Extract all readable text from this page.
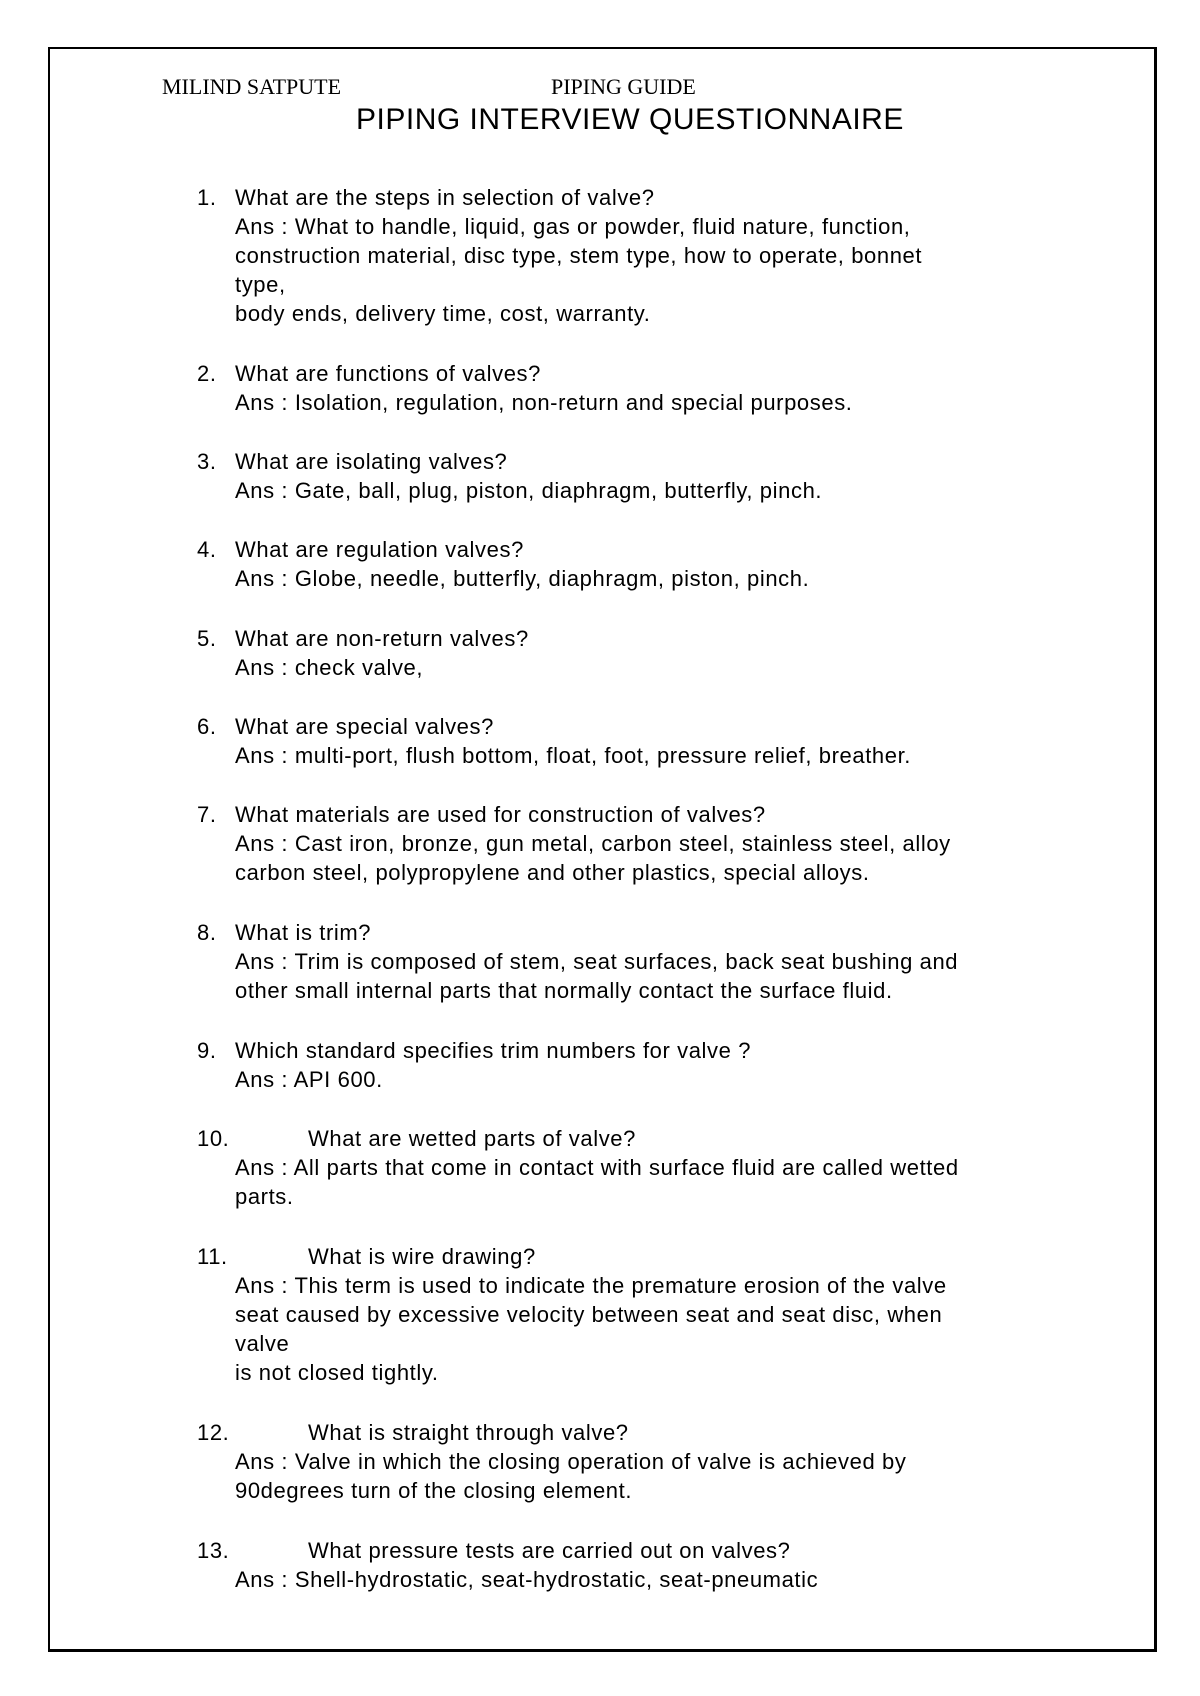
MILIND SATPUTE	PIPING GUIDE
PIPING INTERVIEW QUESTIONNAIRE
1. What are the steps in selection of valve?
Ans : What to handle, liquid, gas or powder, fluid nature, function,
construction material, disc type, stem type, how to operate, bonnet
type,
body ends, delivery time, cost, warranty.
2. What are functions of valves?
Ans : Isolation, regulation, non-return and special purposes.
3. What are isolating valves?
Ans : Gate, ball, plug, piston, diaphragm, butterfly, pinch.
4. What are regulation valves?
Ans : Globe, needle, butterfly, diaphragm, piston, pinch.
5. What are non-return valves?
Ans : check valve,
6. What are special valves?
Ans : multi-port, flush bottom, float, foot, pressure relief, breather.
7. What materials are used for construction of valves?
Ans : Cast iron, bronze, gun metal, carbon steel, stainless steel, alloy
carbon steel, polypropylene and other plastics, special alloys.
8. What is trim?
Ans : Trim is composed of stem, seat surfaces, back seat bushing and
other small internal parts that normally contact the surface fluid.
9. Which standard specifies trim numbers for valve ?
Ans : API 600.
10.	What are wetted parts of valve?
Ans : All parts that come in contact with surface fluid are called wetted
parts.
11.	What is wire drawing?
Ans : This term is used to indicate the premature erosion of the valve
seat caused by excessive velocity between seat and seat disc, when
valve
is not closed tightly.
12.	What is straight through valve?
Ans : Valve in which the closing operation of valve is achieved by
90degrees turn of the closing element.
13.	What pressure tests are carried out on valves?
Ans : Shell-hydrostatic, seat-hydrostatic, seat-pneumatic
